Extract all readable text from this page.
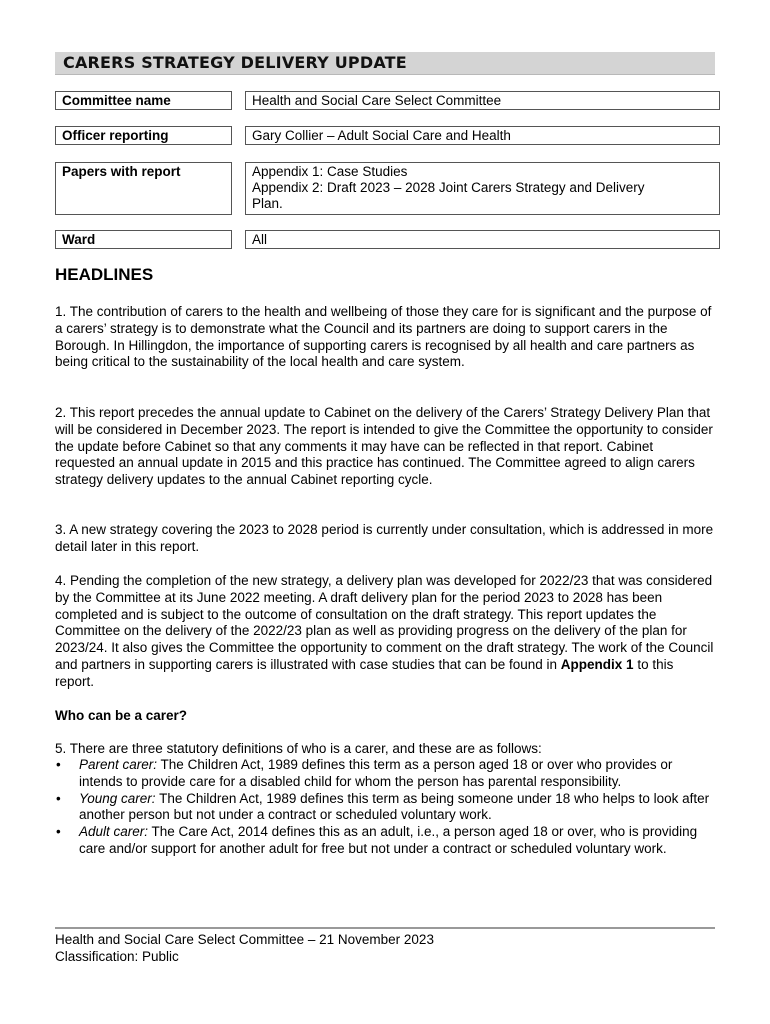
CARERS STRATEGY DELIVERY UPDATE
Committee name	Health and Social Care Select Committee
Officer reporting	Gary Collier – Adult Social Care and Health
Papers with report	Appendix 1: Case Studies
Appendix 2: Draft 2023 – 2028 Joint Carers Strategy and Delivery
Plan.
Ward	All
HEADLINES

1. The contribution of carers to the health and wellbeing of those they care for is significant and the purpose of a carers’ strategy is to demonstrate what the Council and its partners are doing to support carers in the Borough. In Hillingdon, the importance of supporting carers is recognised by all health and care partners as being critical to the sustainability of the local health and care system.

2. This report precedes the annual update to Cabinet on the delivery of the Carers’ Strategy Delivery Plan that will be considered in December 2023. The report is intended to give the Committee the opportunity to consider the update before Cabinet so that any comments it may have can be reflected in that report. Cabinet requested an annual update in 2015 and this practice has continued. The Committee agreed to align carers strategy delivery updates to the annual Cabinet reporting cycle.

3. A new strategy covering the 2023 to 2028 period is currently under consultation, which is addressed in more detail later in this report.

4. Pending the completion of the new strategy, a delivery plan was developed for 2022/23 that was considered by the Committee at its June 2022 meeting. A draft delivery plan for the period 2023 to 2028 has been completed and is subject to the outcome of consultation on the draft strategy. This report updates the Committee on the delivery of the 2022/23 plan as well as providing progress on the delivery of the plan for 2023/24. It also gives the Committee the opportunity to comment on the draft strategy. The work of the Council and partners in supporting carers is illustrated with case studies that can be found in Appendix 1 to this report.

Who can be a carer?

5. There are three statutory definitions of who is a carer, and these are as follows:

• Parent carer: The Children Act, 1989 defines this term as a person aged 18 or over who provides or intends to provide care for a disabled child for whom the person has parental responsibility.
• Young carer: The Children Act, 1989 defines this term as being someone under 18 who helps to look after another person but not under a contract or scheduled voluntary work.
• Adult carer: The Care Act, 2014 defines this as an adult, i.e., a person aged 18 or over, who is providing care and/or support for another adult for free but not under a contract or scheduled voluntary work.
Health and Social Care Select Committee – 21 November 2023
Classification: Public
